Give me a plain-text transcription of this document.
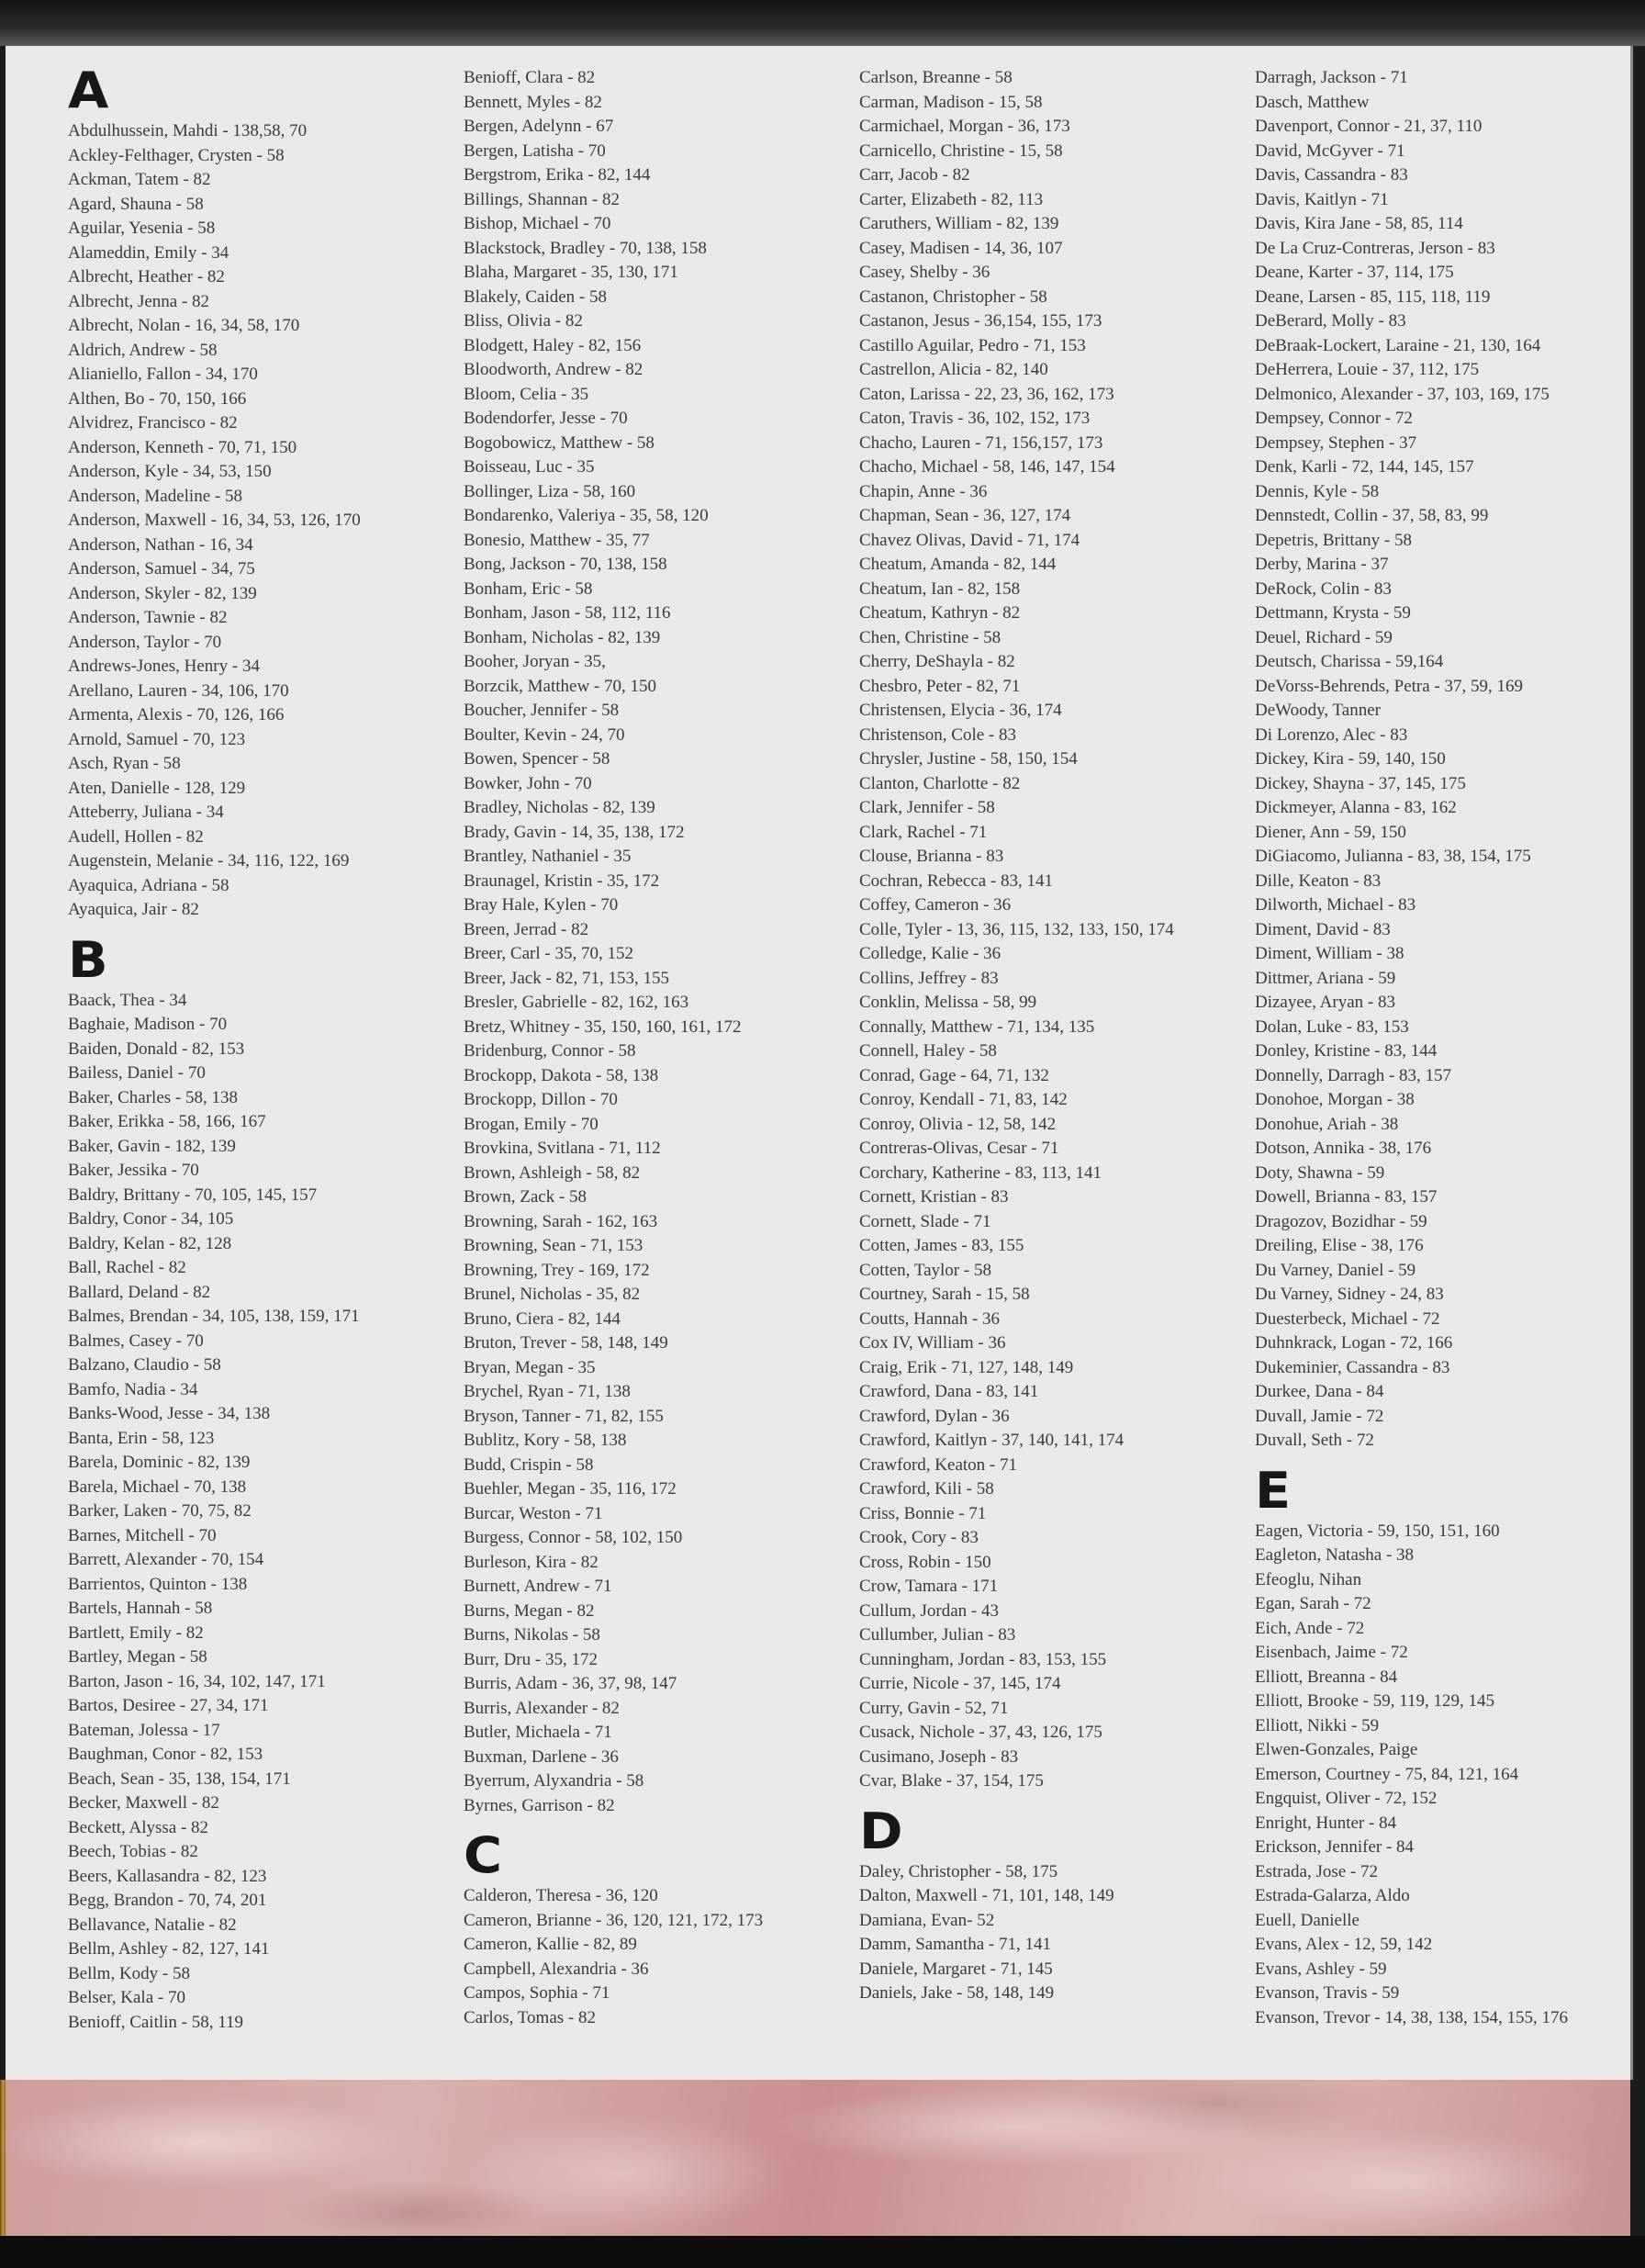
A
Abdulhussein, Mahdi - 138,58, 70
Ackley-Felthager, Crysten - 58
Ackman, Tatem - 82
Agard, Shauna - 58
Aguilar, Yesenia - 58
Alameddin, Emily - 34
Albrecht, Heather - 82
Albrecht, Jenna - 82
Albrecht, Nolan - 16, 34, 58, 170
Aldrich, Andrew - 58
Alianiello, Fallon - 34, 170
Althen, Bo - 70, 150, 166
Alvidrez, Francisco - 82
Anderson, Kenneth - 70, 71, 150
Anderson, Kyle - 34, 53, 150
Anderson, Madeline - 58
Anderson, Maxwell - 16, 34, 53, 126, 170
Anderson, Nathan - 16, 34
Anderson, Samuel - 34, 75
Anderson, Skyler - 82, 139
Anderson, Tawnie - 82
Anderson, Taylor - 70
Andrews-Jones, Henry - 34
Arellano, Lauren - 34, 106, 170
Armenta, Alexis - 70, 126, 166
Arnold, Samuel - 70, 123
Asch, Ryan - 58
Aten, Danielle - 128, 129
Atteberry, Juliana - 34
Audell, Hollen - 82
Augenstein, Melanie - 34, 116, 122, 169
Ayaquica, Adriana - 58
Ayaquica, Jair - 82
B
Baack, Thea - 34
Baghaie, Madison - 70
Baiden, Donald - 82, 153
Bailess, Daniel - 70
Baker, Charles - 58, 138
Baker, Erikka - 58, 166, 167
Baker, Gavin - 182, 139
Baker, Jessika - 70
Baldry, Brittany - 70, 105, 145, 157
Baldry, Conor - 34, 105
Baldry, Kelan - 82, 128
Ball, Rachel - 82
Ballard, Deland - 82
Balmes, Brendan - 34, 105, 138, 159, 171
Balmes, Casey - 70
Balzano, Claudio - 58
Bamfo, Nadia - 34
Banks-Wood, Jesse - 34, 138
Banta, Erin - 58, 123
Barela, Dominic - 82, 139
Barela, Michael - 70, 138
Barker, Laken - 70, 75, 82
Barnes, Mitchell - 70
Barrett, Alexander - 70, 154
Barrientos, Quinton - 138
Bartels, Hannah - 58
Bartlett, Emily - 82
Bartley, Megan - 58
Barton, Jason - 16, 34, 102, 147, 171
Bartos, Desiree - 27, 34, 171
Bateman, Jolessa - 17
Baughman, Conor - 82, 153
Beach, Sean - 35, 138, 154, 171
Becker, Maxwell - 82
Beckett, Alyssa - 82
Beech, Tobias - 82
Beers, Kallasandra - 82, 123
Begg, Brandon - 70, 74, 201
Bellavance, Natalie - 82
Bellm, Ashley - 82, 127, 141
Bellm, Kody - 58
Belser, Kala - 70
Benioff, Caitlin - 58, 119
Benioff, Clara - 82
Bennett, Myles - 82
Bergen, Adelynn - 67
Bergen, Latisha - 70
Bergstrom, Erika - 82, 144
Billings, Shannan - 82
Bishop, Michael - 70
Blackstock, Bradley - 70, 138, 158
Blaha, Margaret - 35, 130, 171
Blakely, Caiden - 58
Bliss, Olivia - 82
Blodgett, Haley - 82, 156
Bloodworth, Andrew - 82
Bloom, Celia - 35
Bodendorfer, Jesse - 70
Bogobowicz, Matthew - 58
Boisseau, Luc - 35
Bollinger, Liza - 58, 160
Bondarenko, Valeriya - 35, 58, 120
Bonesio, Matthew - 35, 77
Bong, Jackson - 70, 138, 158
Bonham, Eric - 58
Bonham, Jason - 58, 112, 116
Bonham, Nicholas - 82, 139
Booher, Joryan - 35,
Borzcik, Matthew - 70, 150
Boucher, Jennifer - 58
Boulter, Kevin - 24, 70
Bowen, Spencer - 58
Bowker, John - 70
Bradley, Nicholas - 82, 139
Brady, Gavin - 14, 35, 138, 172
Brantley, Nathaniel - 35
Braunagel, Kristin - 35, 172
Bray Hale, Kylen - 70
Breen, Jerrad - 82
Breer, Carl - 35, 70, 152
Breer, Jack - 82, 71, 153, 155
Bresler, Gabrielle - 82, 162, 163
Bretz, Whitney - 35, 150, 160, 161, 172
Bridenburg, Connor - 58
Brockopp, Dakota - 58, 138
Brockopp, Dillon - 70
Brogan, Emily - 70
Brovkina, Svitlana - 71, 112
Brown, Ashleigh - 58, 82
Brown, Zack - 58
Browning, Sarah - 162, 163
Browning, Sean - 71, 153
Browning, Trey - 169, 172
Brunel, Nicholas - 35, 82
Bruno, Ciera - 82, 144
Bruton, Trever - 58, 148, 149
Bryan, Megan - 35
Brychel, Ryan - 71, 138
Bryson, Tanner - 71, 82, 155
Bublitz, Kory - 58, 138
Budd, Crispin - 58
Buehler, Megan - 35, 116, 172
Burcar, Weston - 71
Burgess, Connor - 58, 102, 150
Burleson, Kira - 82
Burnett, Andrew - 71
Burns, Megan - 82
Burns, Nikolas - 58
Burr, Dru - 35, 172
Burris, Adam - 36, 37, 98, 147
Burris, Alexander - 82
Butler, Michaela - 71
Buxman, Darlene - 36
Byerrum, Alyxandria - 58
Byrnes, Garrison - 82
C
Calderon, Theresa - 36, 120
Cameron, Brianne - 36, 120, 121, 172, 173
Cameron, Kallie - 82, 89
Campbell, Alexandria - 36
Campos, Sophia - 71
Carlos, Tomas - 82
Carlson, Breanne - 58
Carman, Madison - 15, 58
Carmichael, Morgan - 36, 173
Carnicello, Christine - 15, 58
Carr, Jacob - 82
Carter, Elizabeth - 82, 113
Caruthers, William - 82, 139
Casey, Madisen - 14, 36, 107
Casey, Shelby - 36
Castanon, Christopher - 58
Castanon, Jesus - 36,154, 155, 173
Castillo Aguilar, Pedro - 71, 153
Castrellon, Alicia - 82, 140
Caton, Larissa - 22, 23, 36, 162, 173
Caton, Travis - 36, 102, 152, 173
Chacho, Lauren - 71, 156,157, 173
Chacho, Michael - 58, 146, 147, 154
Chapin, Anne - 36
Chapman, Sean - 36, 127, 174
Chavez Olivas, David - 71, 174
Cheatum, Amanda - 82, 144
Cheatum, Ian - 82, 158
Cheatum, Kathryn - 82
Chen, Christine - 58
Cherry, DeShayla - 82
Chesbro, Peter - 82, 71
Christensen, Elycia - 36, 174
Christenson, Cole - 83
Chrysler, Justine - 58, 150, 154
Clanton, Charlotte - 82
Clark, Jennifer - 58
Clark, Rachel - 71
Clouse, Brianna - 83
Cochran, Rebecca - 83, 141
Coffey, Cameron - 36
Colle, Tyler - 13, 36, 115, 132, 133, 150, 174
Colledge, Kalie - 36
Collins, Jeffrey - 83
Conklin, Melissa - 58, 99
Connally, Matthew - 71, 134, 135
Connell, Haley - 58
Conrad, Gage - 64, 71, 132
Conroy, Kendall - 71, 83, 142
Conroy, Olivia - 12, 58, 142
Contreras-Olivas, Cesar - 71
Corchary, Katherine - 83, 113, 141
Cornett, Kristian - 83
Cornett, Slade - 71
Cotten, James - 83, 155
Cotten, Taylor - 58
Courtney, Sarah - 15, 58
Coutts, Hannah - 36
Cox IV, William - 36
Craig, Erik - 71, 127, 148, 149
Crawford, Dana - 83, 141
Crawford, Dylan - 36
Crawford, Kaitlyn - 37, 140, 141, 174
Crawford, Keaton - 71
Crawford, Kili - 58
Criss, Bonnie - 71
Crook, Cory - 83
Cross, Robin - 150
Crow, Tamara - 171
Cullum, Jordan - 43
Cullumber, Julian - 83
Cunningham, Jordan - 83, 153, 155
Currie, Nicole - 37, 145, 174
Curry, Gavin - 52, 71
Cusack, Nichole - 37, 43, 126, 175
Cusimano, Joseph - 83
Cvar, Blake - 37, 154, 175
D
Daley, Christopher - 58, 175
Dalton, Maxwell - 71, 101, 148, 149
Damiana, Evan- 52
Damm, Samantha - 71, 141
Daniele, Margaret - 71, 145
Daniels, Jake - 58, 148, 149
Darragh, Jackson - 71
Dasch, Matthew
Davenport, Connor - 21, 37, 110
David, McGyver - 71
Davis, Cassandra - 83
Davis, Kaitlyn - 71
Davis, Kira Jane - 58, 85, 114
De La Cruz-Contreras, Jerson - 83
Deane, Karter - 37, 114, 175
Deane, Larsen - 85, 115, 118, 119
DeBerard, Molly - 83
DeBraak-Lockert, Laraine - 21, 130, 164
DeHerrera, Louie - 37, 112, 175
Delmonico, Alexander - 37, 103, 169, 175
Dempsey, Connor - 72
Dempsey, Stephen - 37
Denk, Karli - 72, 144, 145, 157
Dennis, Kyle - 58
Dennstedt, Collin - 37, 58, 83, 99
Depetris, Brittany - 58
Derby, Marina - 37
DeRock, Colin - 83
Dettmann, Krysta - 59
Deuel, Richard - 59
Deutsch, Charissa - 59,164
DeVorss-Behrends, Petra - 37, 59, 169
DeWoody, Tanner
Di Lorenzo, Alec - 83
Dickey, Kira - 59, 140, 150
Dickey, Shayna - 37, 145, 175
Dickmeyer, Alanna - 83, 162
Diener, Ann - 59, 150
DiGiacomo, Julianna - 83, 38, 154, 175
Dille, Keaton - 83
Dilworth, Michael - 83
Diment, David - 83
Diment, William - 38
Dittmer, Ariana - 59
Dizayee, Aryan - 83
Dolan, Luke - 83, 153
Donley, Kristine - 83, 144
Donnelly, Darragh - 83, 157
Donohoe, Morgan - 38
Donohue, Ariah - 38
Dotson, Annika - 38, 176
Doty, Shawna - 59
Dowell, Brianna - 83, 157
Dragozov, Bozidhar - 59
Dreiling, Elise - 38, 176
Du Varney, Daniel - 59
Du Varney, Sidney - 24, 83
Duesterbeck, Michael - 72
Duhnkrack, Logan - 72, 166
Dukeminier, Cassandra - 83
Durkee, Dana - 84
Duvall, Jamie - 72
Duvall, Seth - 72
E
Eagen, Victoria - 59, 150, 151, 160
Eagleton, Natasha - 38
Efeoglu, Nihan
Egan, Sarah - 72
Eich, Ande - 72
Eisenbach, Jaime - 72
Elliott, Breanna - 84
Elliott, Brooke - 59, 119, 129, 145
Elliott, Nikki - 59
Elwen-Gonzales, Paige
Emerson, Courtney - 75, 84, 121, 164
Engquist, Oliver - 72, 152
Enright, Hunter - 84
Erickson, Jennifer - 84
Estrada, Jose - 72
Estrada-Galarza, Aldo
Euell, Danielle
Evans, Alex - 12, 59, 142
Evans, Ashley - 59
Evanson, Travis - 59
Evanson, Trevor - 14, 38, 138, 154, 155, 176
